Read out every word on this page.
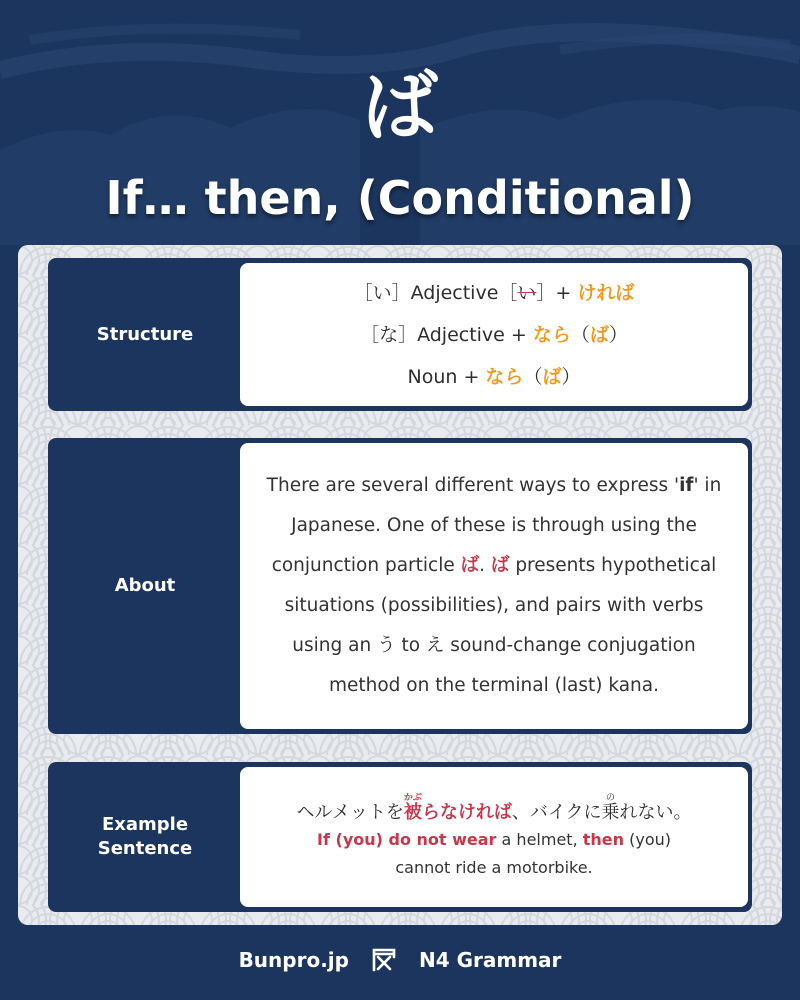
ば
If… then, (Conditional)
Structure
［い］Adjective［い］+ ければ
［な］Adjective + なら（ば）
Noun + なら（ば）
About
There are several different ways to express 'if' in Japanese. One of these is through using the conjunction particle ば. ば presents hypothetical situations (possibilities), and pairs with verbs using an う to え sound-change conjugation method on the terminal (last) kana.
Example
Sentence
ヘルメットを被かぶらなければ、バイクに乗のれない。
If (you) do not wear a helmet, then (you)
cannot ride a motorbike.
Bunpro.jp	N4 Grammar
